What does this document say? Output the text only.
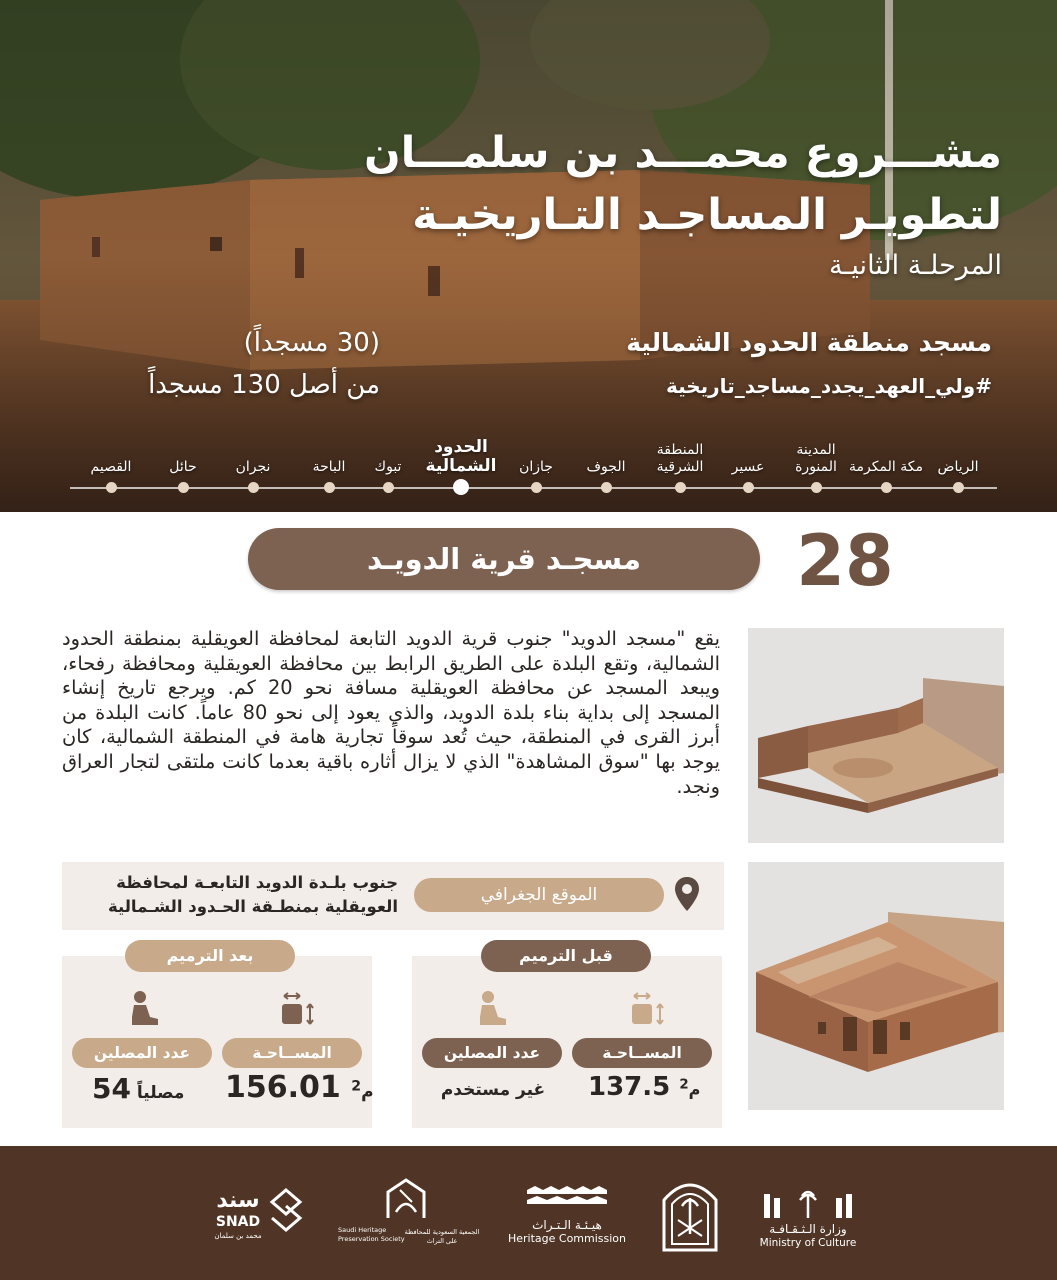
مشـــروع محمـــد بن سلمـــان
لتطويـر المساجـد التـاريخيـة
المرحلـة الثانيـة
مسجد منطقة الحدود الشمالية
#ولي_العهد_يجدد_مساجد_تاريخية
(30 مسجداً)
من أصل 130 مسجداً
الرياض
مكة المكرمة
المدينة المنورة
عسير
المنطقة الشرقية
الجوف
جازان
الحدود الشمالية
تبوك
الباحة
نجران
حائل
القصيم
28
مسجـد قرية الدويـد
يقع "مسجد الدويد" جنوب قرية الدويد التابعة لمحافظة العويقلية بمنطقة الحدود الشمالية، وتقع البلدة على الطريق الرابط بين محافظة العويقلية ومحافظة رفحاء، ويبعد المسجد عن محافظة العويقلية مسافة نحو 20 كم. ويرجع تاريخ إنشاء المسجد إلى بداية بناء بلدة الدويد، والذي يعود إلى نحو 80 عاماً. كانت البلدة من أبرز القرى في المنطقة، حيث تُعد سوقاً تجارية هامة في المنطقة الشمالية، كان يوجد بها "سوق المشاهدة" الذي لا يزال أثاره باقية بعدما كانت ملتقى لتجار العراق ونجد.
جنوب بلـدة الدويد التابعـة لمحافظة
العويقلية بمنطـقة الحـدود الشـمالية
الموقع الجغرافي
قبل الترميم
المســاحـة
عدد المصلين
م$^2$ 137.5
غير مستخدم
بعد الترميم
المســاحـة
عدد المصلين
م$^2$ 156.01
مصلياً 54
وزارة الـثـقـافـة
Ministry of Culture
هيـئـة الـتـراث
Heritage Commission
Saudi Heritage
Preservation Society
الجمعية السعودية للمحافظة على التراث
سند
SNAD
محمد بن سلمان
